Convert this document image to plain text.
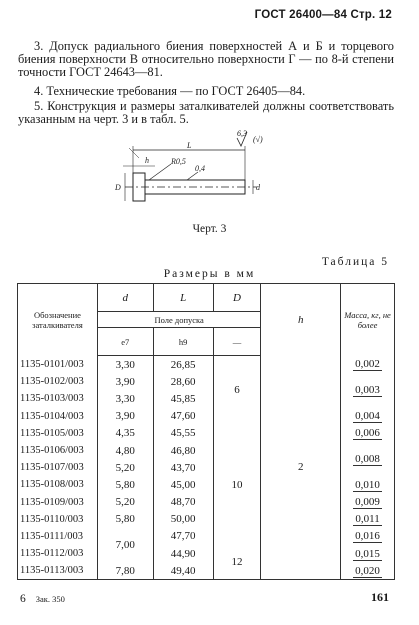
ГОСТ 26400—84 Стр. 12
3. Допуск радиального биения поверхностей А и Б и торцевого биения поверхности В относительно поверхности Г — по 8-й степени точности ГОСТ 24643—81.
4. Технические требования — по ГОСТ 26405—84.
5. Конструкция и размеры заталкивателей должны соответствовать указанным на черт. 3 и в табл. 5.
6,3
(√)
L
h	R0,5
0,4
D	d
Черт. 3
Таблица 5
Размеры в мм
Обозначение заталкивателя	d	L	D	h	Масса, кг, не более
	Поле допуска				
	e7	h9	—		
1135-0101/003	3,30	26,85	6	2	0,002
1135-0102/003	3,90	28,60			0,003
1135-0103/003	3,30	45,85			
1135-0104/003	3,90	47,60			0,004
1135-0105/003	4,35	45,55	10		0,006
1135-0106/003	4,80	46,80			0,008
1135-0107/003	5,20	43,70			
1135-0108/003	5,80	45,00			0,010
1135-0109/003	5,20	48,70			0,009
1135-0110/003	5,80	50,00			0,011
1135-0111/003	7,00	47,70			0,016
1135-0112/003		44,90	12		0,015
1135-0113/003	7,80	49,40			0,020
6 Зак. 350	161
